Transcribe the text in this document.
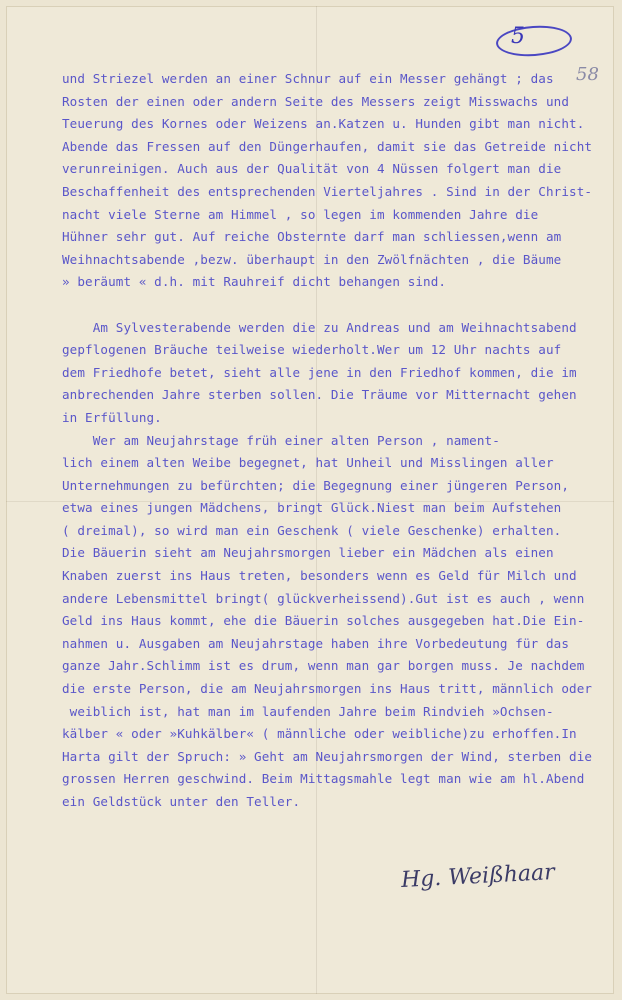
5
58
und Striezel werden an einer Schnur auf ein Messer gehängt ; das
Rosten der einen oder andern Seite des Messers zeigt Misswachs und
Teuerung des Kornes oder Weizens an.Katzen u. Hunden gibt man nicht.
Abende das Fressen auf den Düngerhaufen, damit sie das Getreide nicht
verunreinigen. Auch aus der Qualität von 4 Nüssen folgert man die
Beschaffenheit des entsprechenden Vierteljahres . Sind in der Christ-
nacht viele Sterne am Himmel , so legen im kommenden Jahre die
Hühner sehr gut. Auf reiche Obsternte darf man schliessen,wenn am
Weihnachtsabende ,bezw. überhaupt in den Zwölfnächten , die Bäume
» beräumt « d.h. mit Rauhreif dicht behangen sind.
Am Sylvesterabende werden die zu Andreas und am Weihnachtsabend
gepflogenen Bräuche teilweise wiederholt.Wer um 12 Uhr nachts auf
dem Friedhofe betet, sieht alle jene in den Friedhof kommen, die im
anbrechenden Jahre sterben sollen. Die Träume vor Mitternacht gehen
in Erfüllung.
Wer am Neujahrstage früh einer alten Person , nament-
lich einem alten Weibe begegnet, hat Unheil und Misslingen aller
Unternehmungen zu befürchten; die Begegnung einer jüngeren Person,
etwa eines jungen Mädchens, bringt Glück.Niest man beim Aufstehen
( dreimal), so wird man ein Geschenk ( viele Geschenke) erhalten.
Die Bäuerin sieht am Neujahrsmorgen lieber ein Mädchen als einen
Knaben zuerst ins Haus treten, besonders wenn es Geld für Milch und
andere Lebensmittel bringt( glückverheissend).Gut ist es auch , wenn
Geld ins Haus kommt, ehe die Bäuerin solches ausgegeben hat.Die Ein-
nahmen u. Ausgaben am Neujahrstage haben ihre Vorbedeutung für das
ganze Jahr.Schlimm ist es drum, wenn man gar borgen muss. Je nachdem
die erste Person, die am Neujahrsmorgen ins Haus tritt, männlich oder
weiblich ist, hat man im laufenden Jahre beim Rindvieh »Ochsen-
kälber « oder »Kuhkälber« ( männliche oder weibliche)zu erhoffen.In
Harta gilt der Spruch: » Geht am Neujahrsmorgen der Wind, sterben die
grossen Herren geschwind. Beim Mittagsmahle legt man wie am hl.Abend
ein Geldstück unter den Teller.
Hg. Weißhaar
